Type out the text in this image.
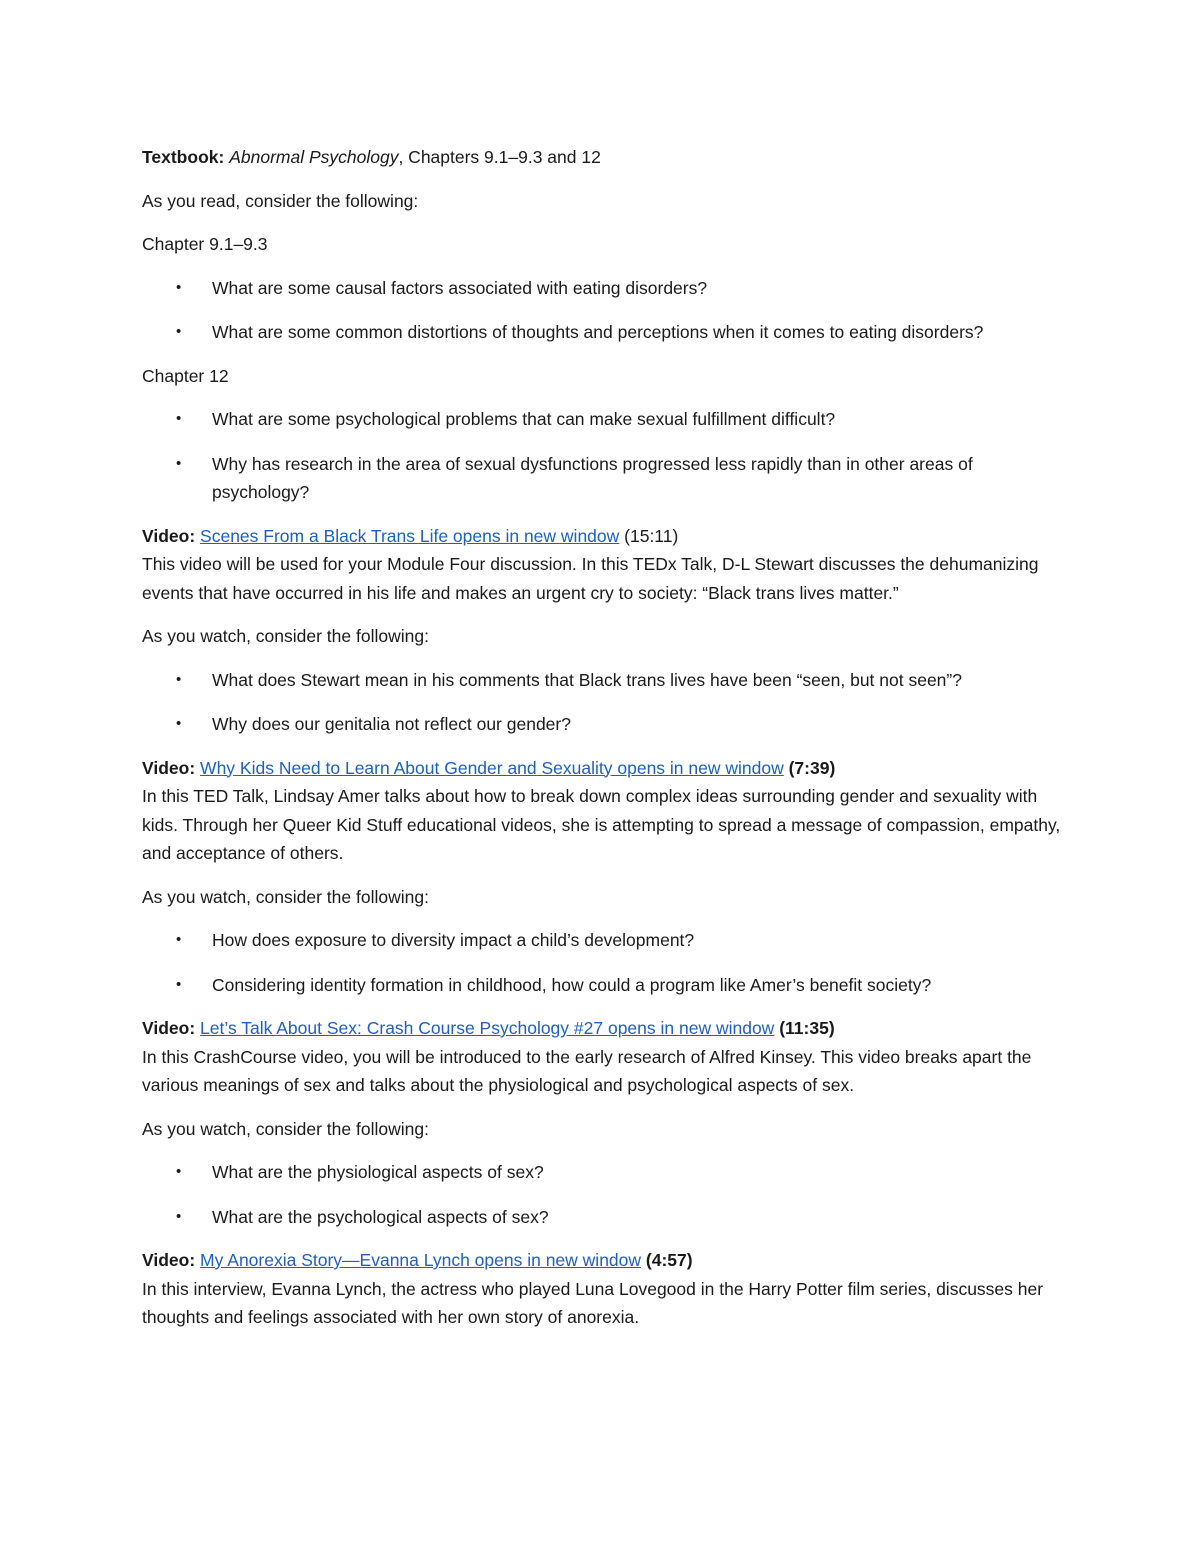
Textbook: Abnormal Psychology, Chapters 9.1–9.3 and 12

As you read, consider the following:

Chapter 9.1–9.3

• What are some causal factors associated with eating disorders?
• What are some common distortions of thoughts and perceptions when it comes to eating disorders?

Chapter 12

• What are some psychological problems that can make sexual fulfillment difficult?
• Why has research in the area of sexual dysfunctions progressed less rapidly than in other areas of psychology?
Video: Scenes From a Black Trans Life opens in new window (15:11)
This video will be used for your Module Four discussion. In this TEDx Talk, D-L Stewart discusses the dehumanizing events that have occurred in his life and makes an urgent cry to society: “Black trans lives matter.”

As you watch, consider the following:

• What does Stewart mean in his comments that Black trans lives have been “seen, but not seen”?
• Why does our genitalia not reflect our gender?
Video: Why Kids Need to Learn About Gender and Sexuality opens in new window (7:39)
In this TED Talk, Lindsay Amer talks about how to break down complex ideas surrounding gender and sexuality with kids. Through her Queer Kid Stuff educational videos, she is attempting to spread a message of compassion, empathy, and acceptance of others.

As you watch, consider the following:

• How does exposure to diversity impact a child’s development?
• Considering identity formation in childhood, how could a program like Amer’s benefit society?
Video: Let’s Talk About Sex: Crash Course Psychology #27 opens in new window (11:35)
In this CrashCourse video, you will be introduced to the early research of Alfred Kinsey. This video breaks apart the various meanings of sex and talks about the physiological and psychological aspects of sex.

As you watch, consider the following:

• What are the physiological aspects of sex?
• What are the psychological aspects of sex?
Video: My Anorexia Story—Evanna Lynch opens in new window (4:57)
In this interview, Evanna Lynch, the actress who played Luna Lovegood in the Harry Potter film series, discusses her thoughts and feelings associated with her own story of anorexia.
